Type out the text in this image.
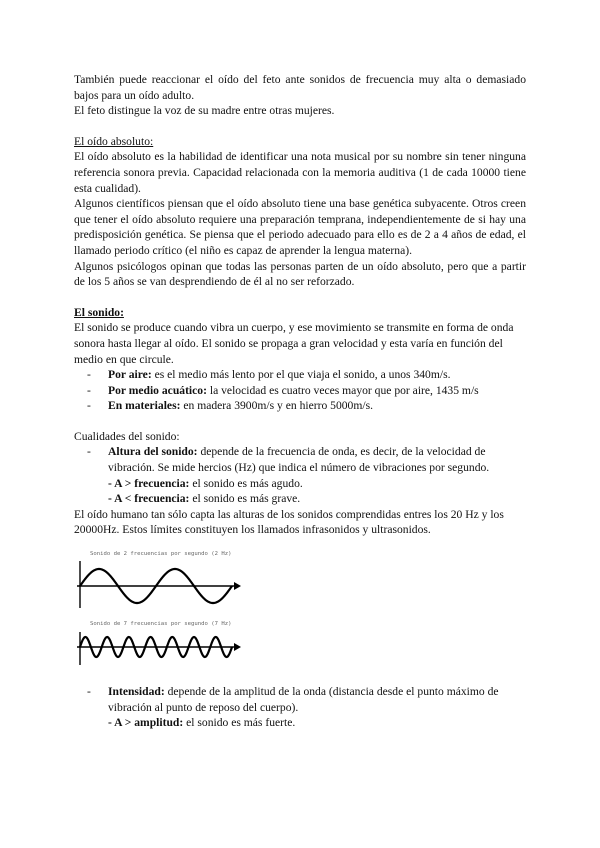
También puede reaccionar el oído del feto ante sonidos de frecuencia muy alta o demasiado bajos para un oído adulto.

El feto distingue la voz de su madre entre otras mujeres.

El oído absoluto:

El oído absoluto es la habilidad de identificar una nota musical por su nombre sin tener ninguna referencia sonora previa. Capacidad relacionada con la memoria auditiva (1 de cada 10000 tiene esta cualidad).

Algunos científicos piensan que el oído absoluto tiene una base genética subyacente. Otros creen que tener el oído absoluto requiere una preparación temprana, independientemente de si hay una predisposición genética. Se piensa que el periodo adecuado para ello es de 2 a 4 años de edad, el llamado periodo crítico (el niño es capaz de aprender la lengua materna).

Algunos psicólogos opinan que todas las personas parten de un oído absoluto, pero que a partir de los 5 años se van desprendiendo de él al no ser reforzado.

El sonido:

El sonido se produce cuando vibra un cuerpo, y ese movimiento se transmite en forma de onda sonora hasta llegar al oído. El sonido se propaga a gran velocidad y esta varía en función del medio en que circule.

- Por aire: es el medio más lento por el que viaja el sonido, a unos 340m/s.
- Por medio acuático: la velocidad es cuatro veces mayor que por aire, 1435 m/s
- En materiales: en madera 3900m/s y en hierro 5000m/s.

Cualidades del sonido:

- Altura del sonido: depende de la frecuencia de onda, es decir, de la velocidad de vibración. Se mide hercios (Hz) que indica el número de vibraciones por segundo.

- A > frecuencia: el sonido es más agudo.

- A < frecuencia: el sonido es más grave.

El oído humano tan sólo capta las alturas de los sonidos comprendidas entres los 20 Hz y los 20000Hz. Estos límites constituyen los llamados infrasonidos y ultrasonidos.

Sonido de 2 frecuencias por segundo (2 Hz)
Sonido de 7 frecuencias por segundo (7 Hz)
- Intensidad: depende de la amplitud de la onda (distancia desde el punto máximo de vibración al punto de reposo del cuerpo).

- A > amplitud: el sonido es más fuerte.
